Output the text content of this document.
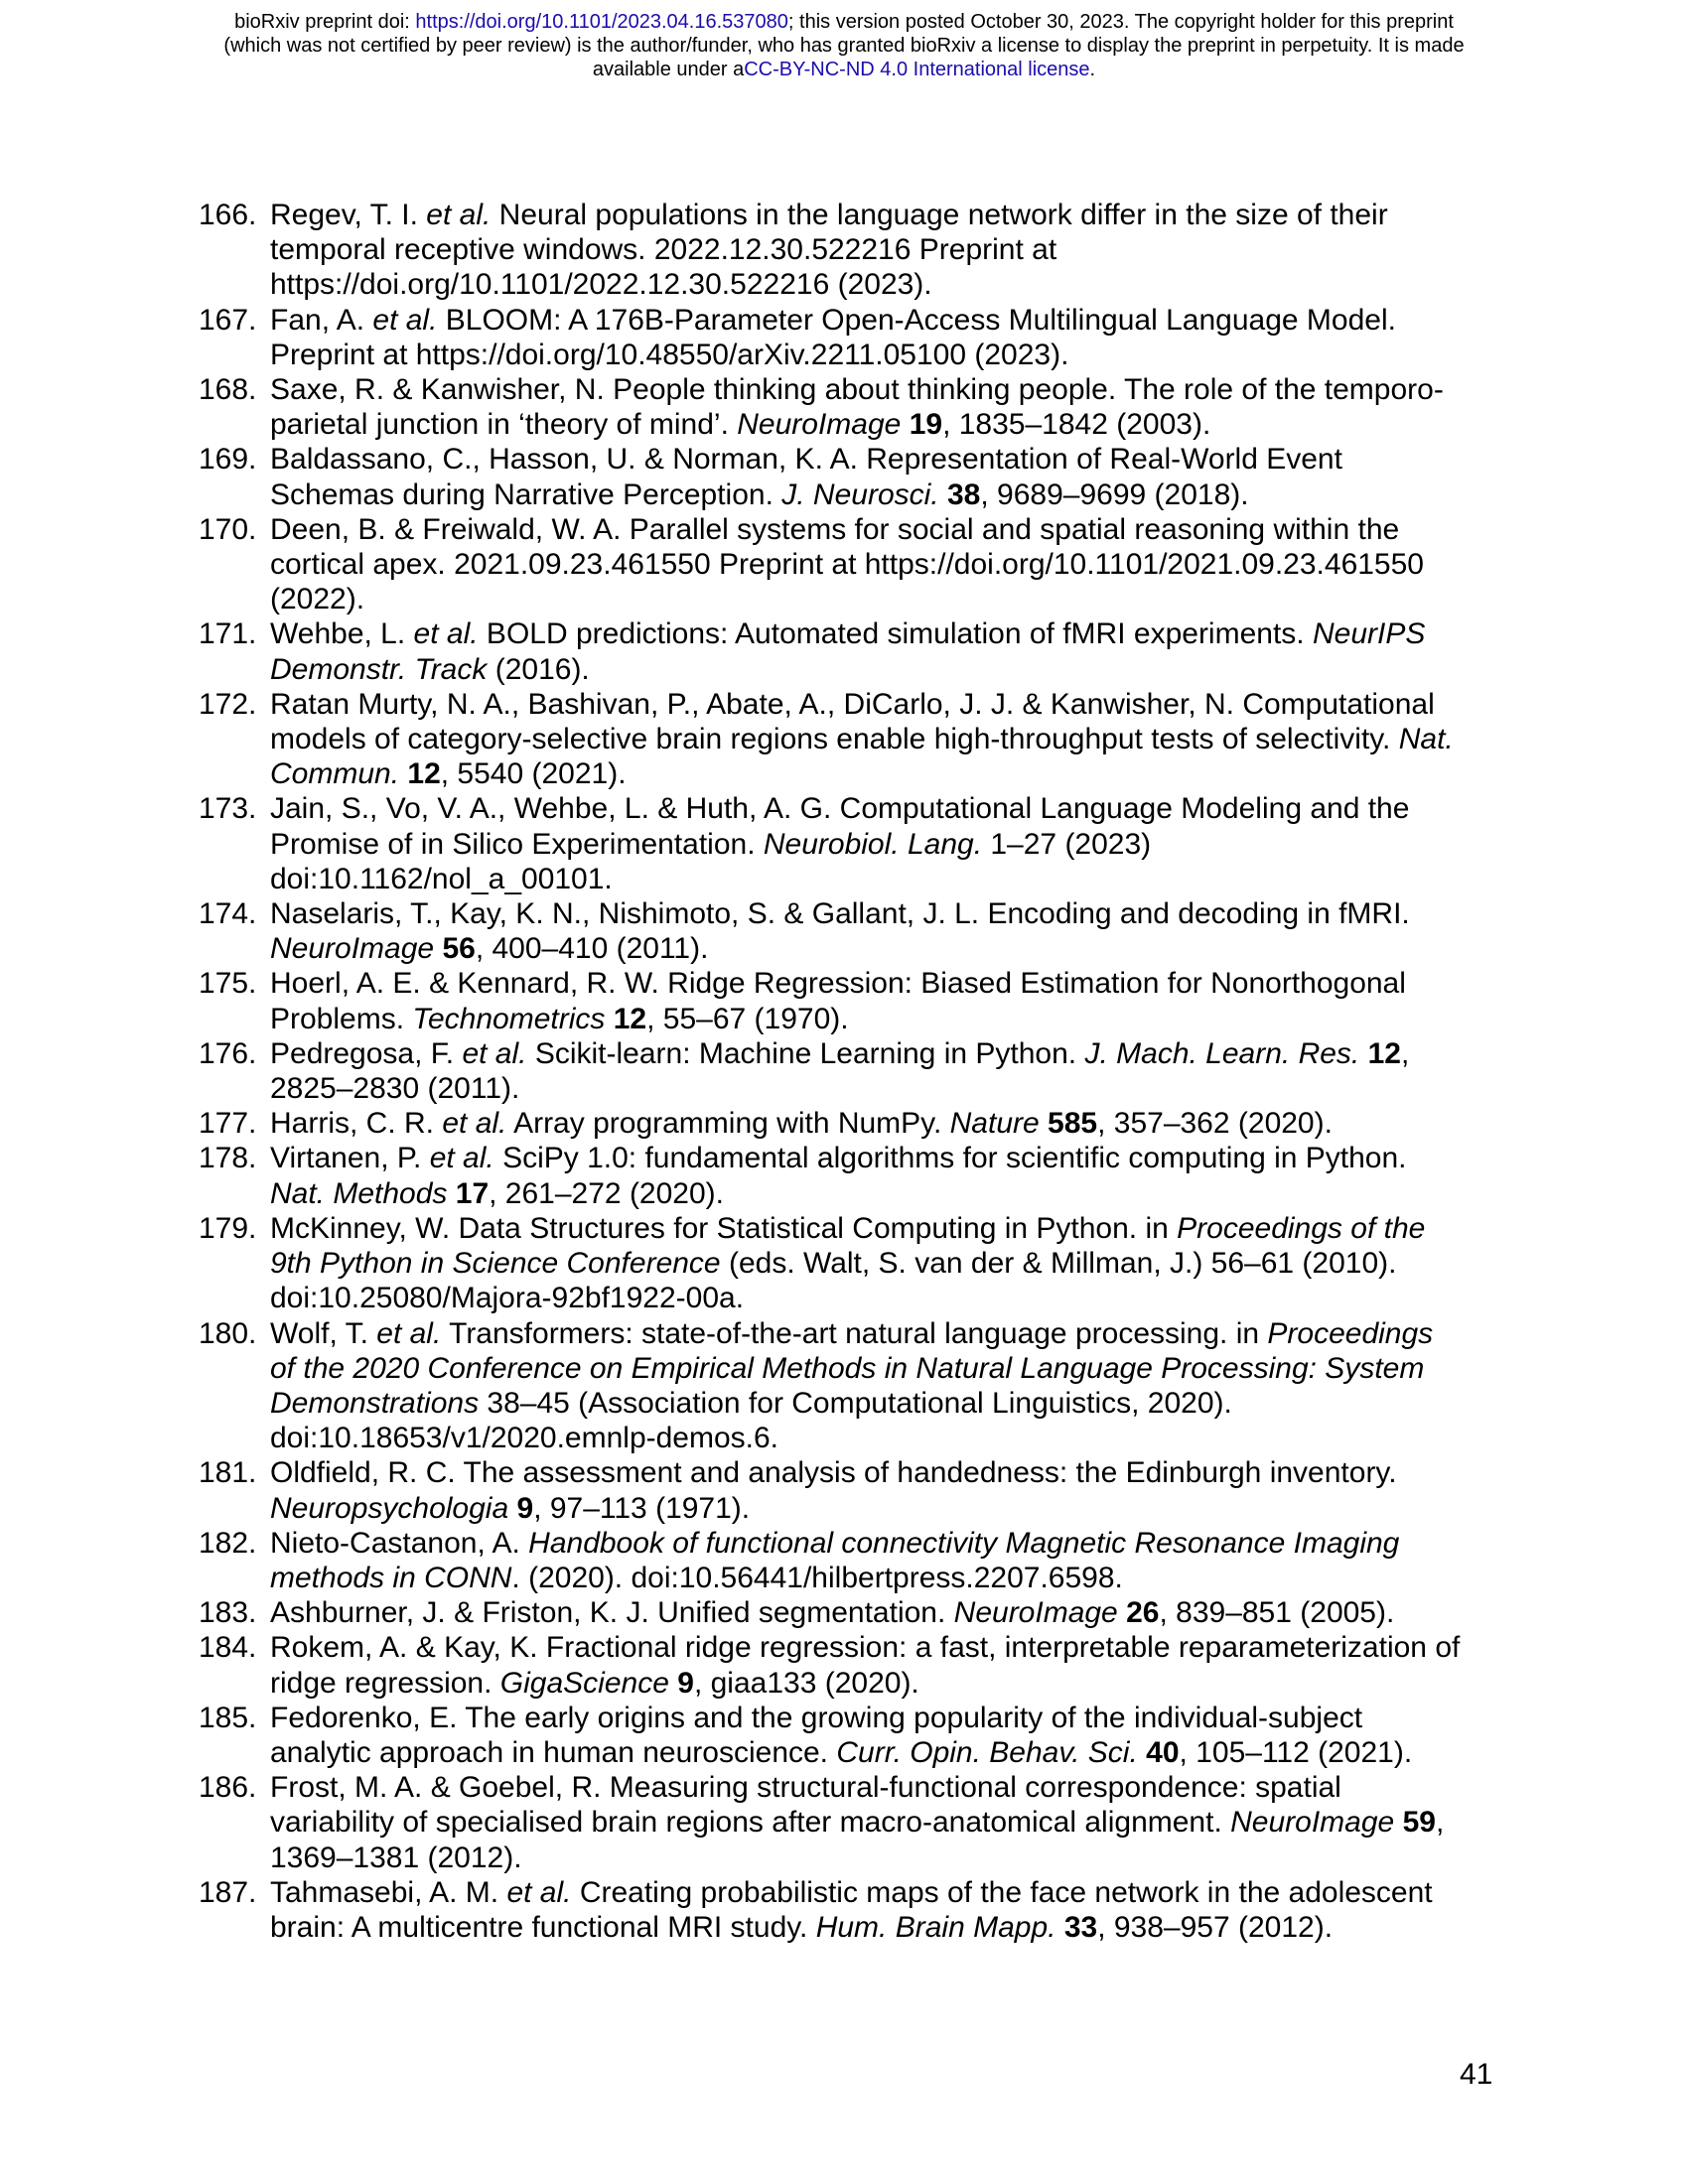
bioRxiv preprint doi: https://doi.org/10.1101/2023.04.16.537080; this version posted October 30, 2023. The copyright holder for this preprint
(which was not certified by peer review) is the author/funder, who has granted bioRxiv a license to display the preprint in perpetuity. It is made
available under aCC-BY-NC-ND 4.0 International license.
166. Regev, T. I. et al. Neural populations in the language network differ in the size of their
temporal receptive windows. 2022.12.30.522216 Preprint at
https://doi.org/10.1101/2022.12.30.522216 (2023).
167. Fan, A. et al. BLOOM: A 176B-Parameter Open-Access Multilingual Language Model.
Preprint at https://doi.org/10.48550/arXiv.2211.05100 (2023).
168. Saxe, R. & Kanwisher, N. People thinking about thinking people. The role of the temporo-
parietal junction in ‘theory of mind’. NeuroImage 19, 1835–1842 (2003).
169. Baldassano, C., Hasson, U. & Norman, K. A. Representation of Real-World Event
Schemas during Narrative Perception. J. Neurosci. 38, 9689–9699 (2018).
170. Deen, B. & Freiwald, W. A. Parallel systems for social and spatial reasoning within the
cortical apex. 2021.09.23.461550 Preprint at https://doi.org/10.1101/2021.09.23.461550
(2022).
171. Wehbe, L. et al. BOLD predictions: Automated simulation of fMRI experiments. NeurIPS
Demonstr. Track (2016).
172. Ratan Murty, N. A., Bashivan, P., Abate, A., DiCarlo, J. J. & Kanwisher, N. Computational
models of category-selective brain regions enable high-throughput tests of selectivity. Nat.
Commun. 12, 5540 (2021).
173. Jain, S., Vo, V. A., Wehbe, L. & Huth, A. G. Computational Language Modeling and the
Promise of in Silico Experimentation. Neurobiol. Lang. 1–27 (2023)
doi:10.1162/nol_a_00101.
174. Naselaris, T., Kay, K. N., Nishimoto, S. & Gallant, J. L. Encoding and decoding in fMRI.
NeuroImage 56, 400–410 (2011).
175. Hoerl, A. E. & Kennard, R. W. Ridge Regression: Biased Estimation for Nonorthogonal
Problems. Technometrics 12, 55–67 (1970).
176. Pedregosa, F. et al. Scikit-learn: Machine Learning in Python. J. Mach. Learn. Res. 12,
2825–2830 (2011).
177. Harris, C. R. et al. Array programming with NumPy. Nature 585, 357–362 (2020).
178. Virtanen, P. et al. SciPy 1.0: fundamental algorithms for scientific computing in Python.
Nat. Methods 17, 261–272 (2020).
179. McKinney, W. Data Structures for Statistical Computing in Python. in Proceedings of the
9th Python in Science Conference (eds. Walt, S. van der & Millman, J.) 56–61 (2010).
doi:10.25080/Majora-92bf1922-00a.
180. Wolf, T. et al. Transformers: state-of-the-art natural language processing. in Proceedings
of the 2020 Conference on Empirical Methods in Natural Language Processing: System
Demonstrations 38–45 (Association for Computational Linguistics, 2020).
doi:10.18653/v1/2020.emnlp-demos.6.
181. Oldfield, R. C. The assessment and analysis of handedness: the Edinburgh inventory.
Neuropsychologia 9, 97–113 (1971).
182. Nieto-Castanon, A. Handbook of functional connectivity Magnetic Resonance Imaging
methods in CONN. (2020). doi:10.56441/hilbertpress.2207.6598.
183. Ashburner, J. & Friston, K. J. Unified segmentation. NeuroImage 26, 839–851 (2005).
184. Rokem, A. & Kay, K. Fractional ridge regression: a fast, interpretable reparameterization of
ridge regression. GigaScience 9, giaa133 (2020).
185. Fedorenko, E. The early origins and the growing popularity of the individual-subject
analytic approach in human neuroscience. Curr. Opin. Behav. Sci. 40, 105–112 (2021).
186. Frost, M. A. & Goebel, R. Measuring structural-functional correspondence: spatial
variability of specialised brain regions after macro-anatomical alignment. NeuroImage 59,
1369–1381 (2012).
187. Tahmasebi, A. M. et al. Creating probabilistic maps of the face network in the adolescent
brain: A multicentre functional MRI study. Hum. Brain Mapp. 33, 938–957 (2012).
41
